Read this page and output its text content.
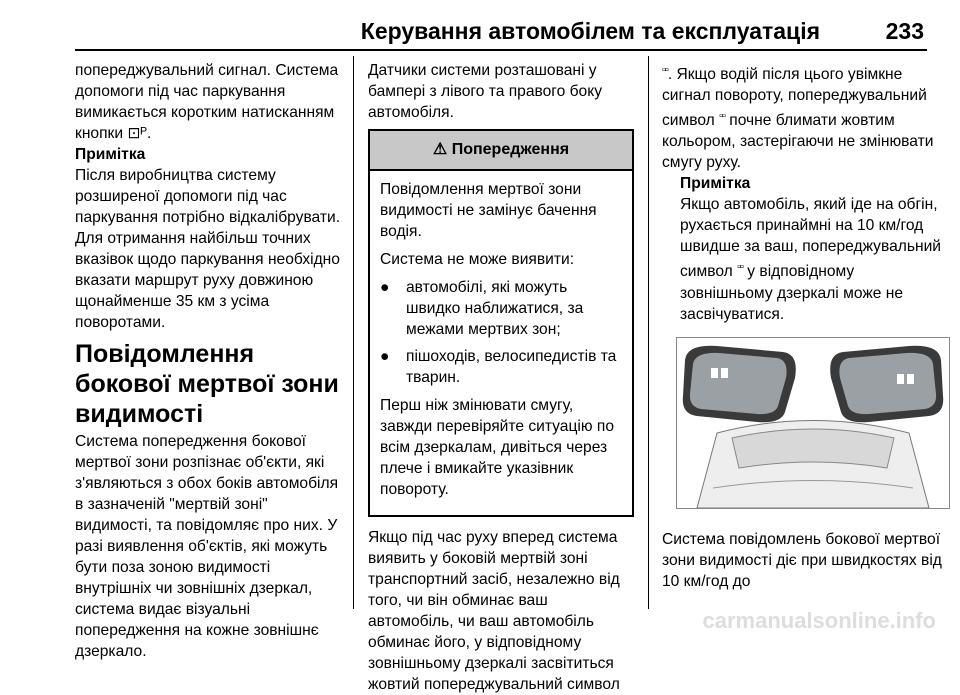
Керування автомобілем та експлуатація	233

попереджувальний сигнал. Система допомоги під час паркування вимикається коротким натисканням кнопки ⊡ᴾ.

Примітка

Після виробництва систему розширеної допомоги під час паркування потрібно відкалібрувати. Для отримання найбільш точних вказівок щодо паркування необхідно вказати маршрут руху довжиною щонайменше 35 км з усіма поворотами.

Повідомлення бокової мертвої зони видимості

Система попередження бокової мертвої зони розпізнає об'єкти, які з'являються з обох боків автомобіля в зазначеній "мертвій зоні" видимості, та повідомляє про них. У разі виявлення об'єктів, які можуть бути поза зоною видимості внутрішніх чи зовнішніх дзеркал, система видає візуальні попередження на кожне зовнішнє дзеркало.

Датчики системи розташовані у бампері з лівого та правого боку автомобіля.

⚠ Попередження

Повідомлення мертвої зони видимості не замінує бачення водія.

Система не може виявити:

● автомобілі, які можуть швидко наближатися, за межами мертвих зон;
● пішоходів, велосипедистів та тварин.

Перш ніж змінювати смугу, завжди перевіряйте ситуацію по всім дзеркалам, дивіться через плече і вмикайте указівник повороту.

Якщо під час руху вперед система виявить у боковій мертвій зоні транспортний засіб, незалежно від того, чи він обминає ваш автомобіль, чи ваш автомобіль обминає його, у відповідному зовнішньому дзеркалі засвітиться жовтий попереджувальний символ

▫▫. Якщо водій після цього увімкне сигнал повороту, попереджувальний символ ▫▫ почне блимати жовтим кольором, застерігаючи не змінювати смугу руху.

Примітка

Якщо автомобіль, який іде на обгін, рухається принаймні на 10 км/год швидше за ваш, попереджувальний символ ▫▫ у відповідному зовнішньому дзеркалі може не засвічуватися.

Система повідомлень бокової мертвої зони видимості діє при швидкостях від 10 км/год до

carmanualsonline.info
